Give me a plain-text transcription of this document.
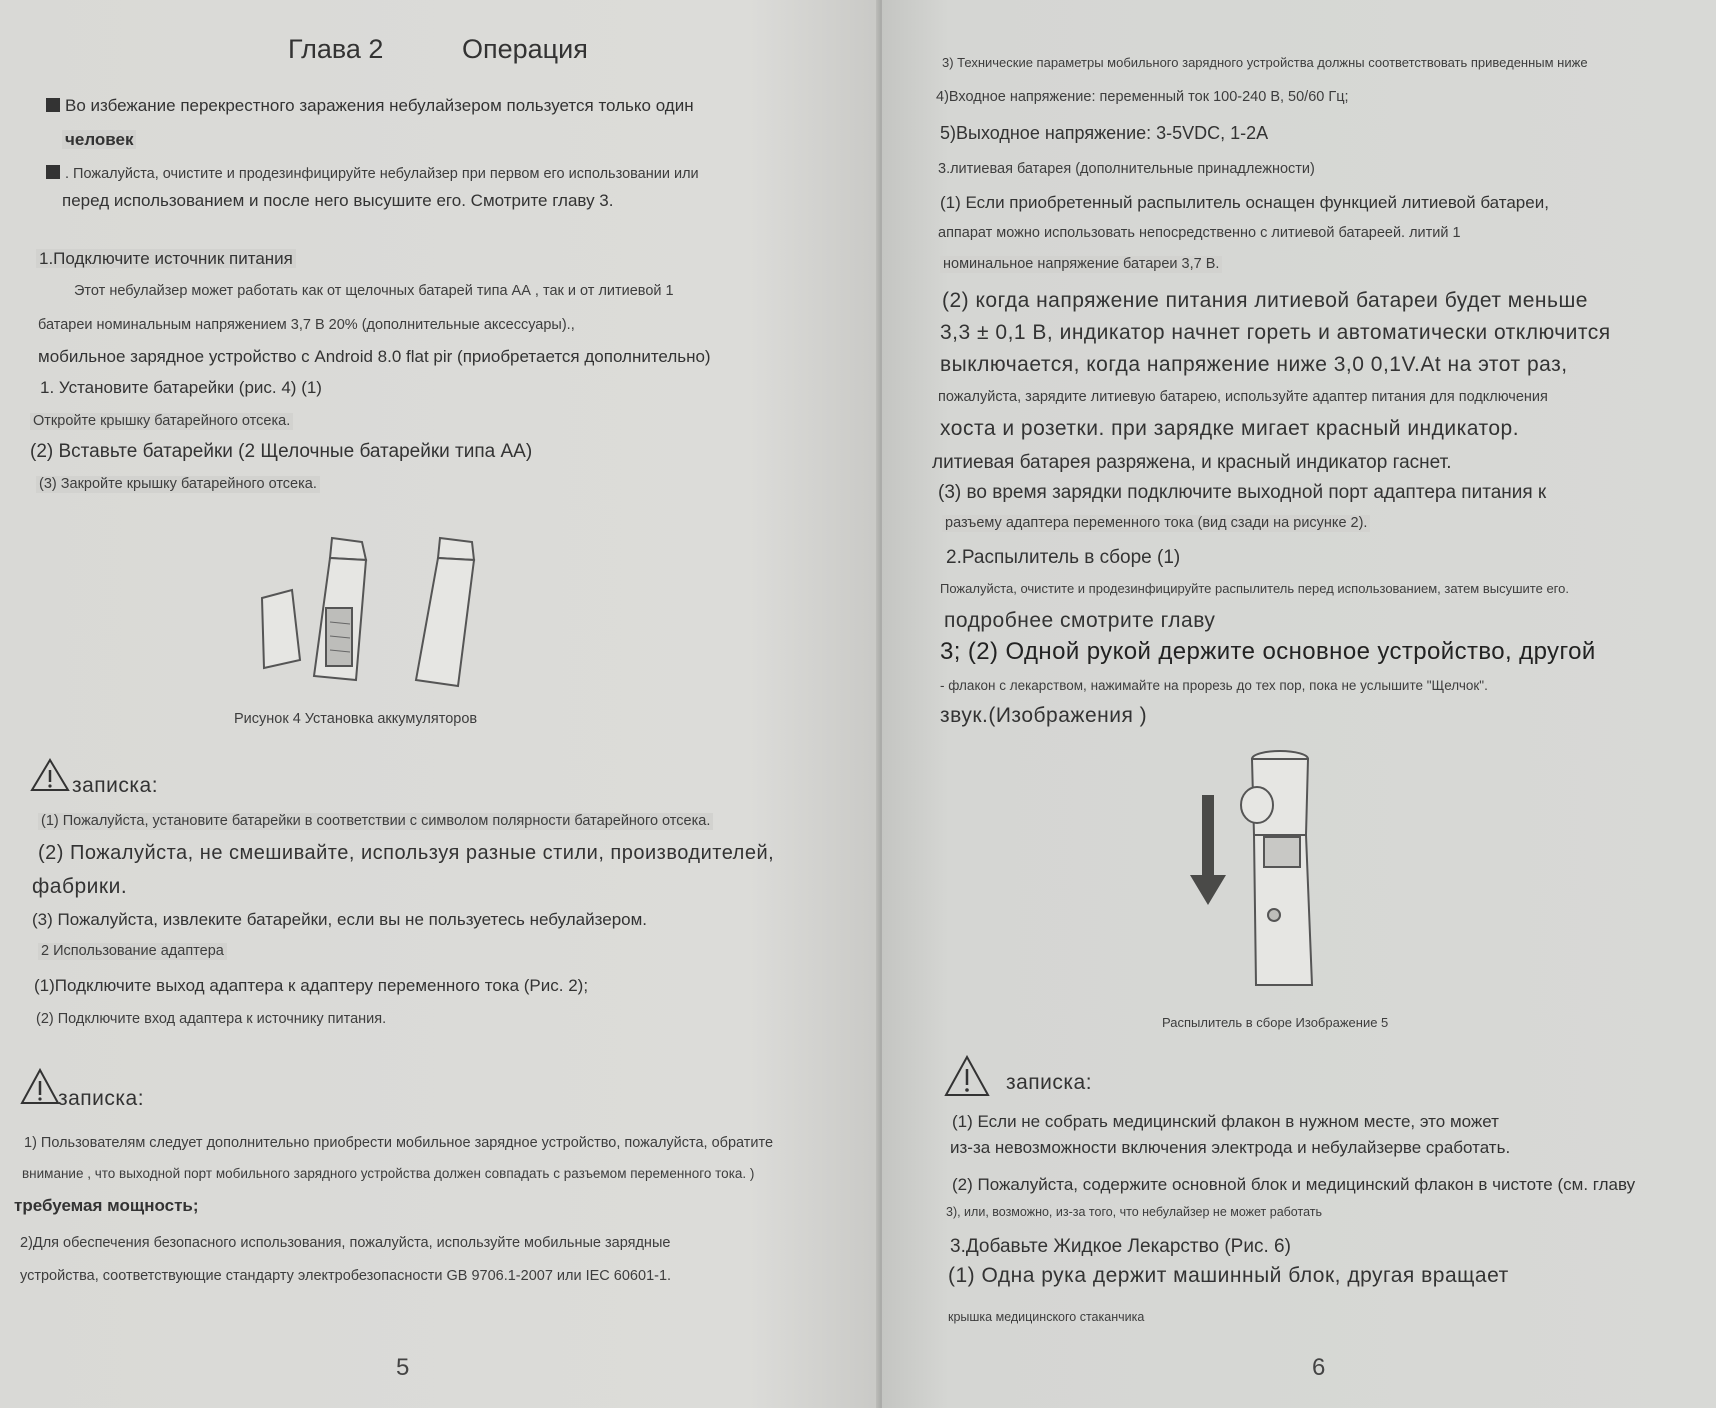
Глава 2	Операция
Во избежание перекрестного заражения небулайзером пользуется только один
человек
. Пожалуйста, очистите и продезинфицируйте небулайзер при первом его использовании или
перед использованием и после него высушите его. Смотрите главу 3.
1.Подключите источник питания
Этот небулайзер может работать как от щелочных батарей типа АА , так и от литиевой 1
батареи номинальным напряжением 3,7 В 20% (дополнительные аксессуары).,
мобильное зарядное устройство с Android 8.0 flat pir (приобретается дополнительно)
1. Установите батарейки (рис. 4) (1)
Откройте крышку батарейного отсека.
(2) Вставьте батарейки (2 Щелочные батарейки типа АА)
(3) Закройте крышку батарейного отсека.
Рисунок 4 Установка аккумуляторов
записка:
(1) Пожалуйста, установите батарейки в соответствии с символом полярности батарейного отсека.
(2) Пожалуйста, не смешивайте, используя разные стили, производителей,
фабрики.
(3) Пожалуйста, извлеките батарейки, если вы не пользуетесь небулайзером.
2 Использование адаптера
(1)Подключите выход адаптера к адаптеру переменного тока (Рис. 2);
(2) Подключите вход адаптера к источнику питания.
записка:
1) Пользователям следует дополнительно приобрести мобильное зарядное устройство, пожалуйста, обратите
внимание , что выходной порт мобильного зарядного устройства должен совпадать с разъемом переменного тока. )
требуемая мощность;
2)Для обеспечения безопасного использования, пожалуйста, используйте мобильные зарядные
устройства, соответствующие стандарту электробезопасности GB 9706.1-2007 или IEC 60601-1.
5
3) Технические параметры мобильного зарядного устройства должны соответствовать приведенным ниже
4)Входное напряжение: переменный ток 100-240 В, 50/60 Гц;
5)Выходное напряжение: 3-5VDC, 1-2A
3.литиевая батарея (дополнительные принадлежности)
(1) Если приобретенный распылитель оснащен функцией литиевой батареи,
аппарат можно использовать непосредственно с литиевой батареей. литий 1
номинальное напряжение батареи 3,7 В.
(2) когда напряжение питания литиевой батареи будет меньше
3,3 ± 0,1 В, индикатор начнет гореть и автоматически отключится
выключается, когда напряжение ниже 3,0 0,1V.At на этот раз,
пожалуйста, зарядите литиевую батарею, используйте адаптер питания для подключения
хоста и розетки. при зарядке мигает красный индикатор.
литиевая батарея разряжена, и красный индикатор гаснет.
(3) во время зарядки подключите выходной порт адаптера питания к
разъему адаптера переменного тока (вид сзади на рисунке 2).
2.Распылитель в сборе (1)
Пожалуйста, очистите и продезинфицируйте распылитель перед использованием, затем высушите его.
подробнее смотрите главу
3; (2) Одной рукой держите основное устройство, другой
- флакон с лекарством, нажимайте на прорезь до тех пор, пока не услышите "Щелчок".
звук.(Изображения )
Распылитель в сборе Изображение 5
записка:
(1) Если не собрать медицинский флакон в нужном месте, это может
из-за невозможности включения электрода и небулайзерве сработать.
(2) Пожалуйста, содержите основной блок и медицинский флакон в чистоте (см. главу
3), или, возможно, из-за того, что небулайзер не может работать
3.Добавьте Жидкое Лекарство (Рис. 6)
(1) Одна рука держит машинный блок, другая вращает
крышка медицинского стаканчика
6
